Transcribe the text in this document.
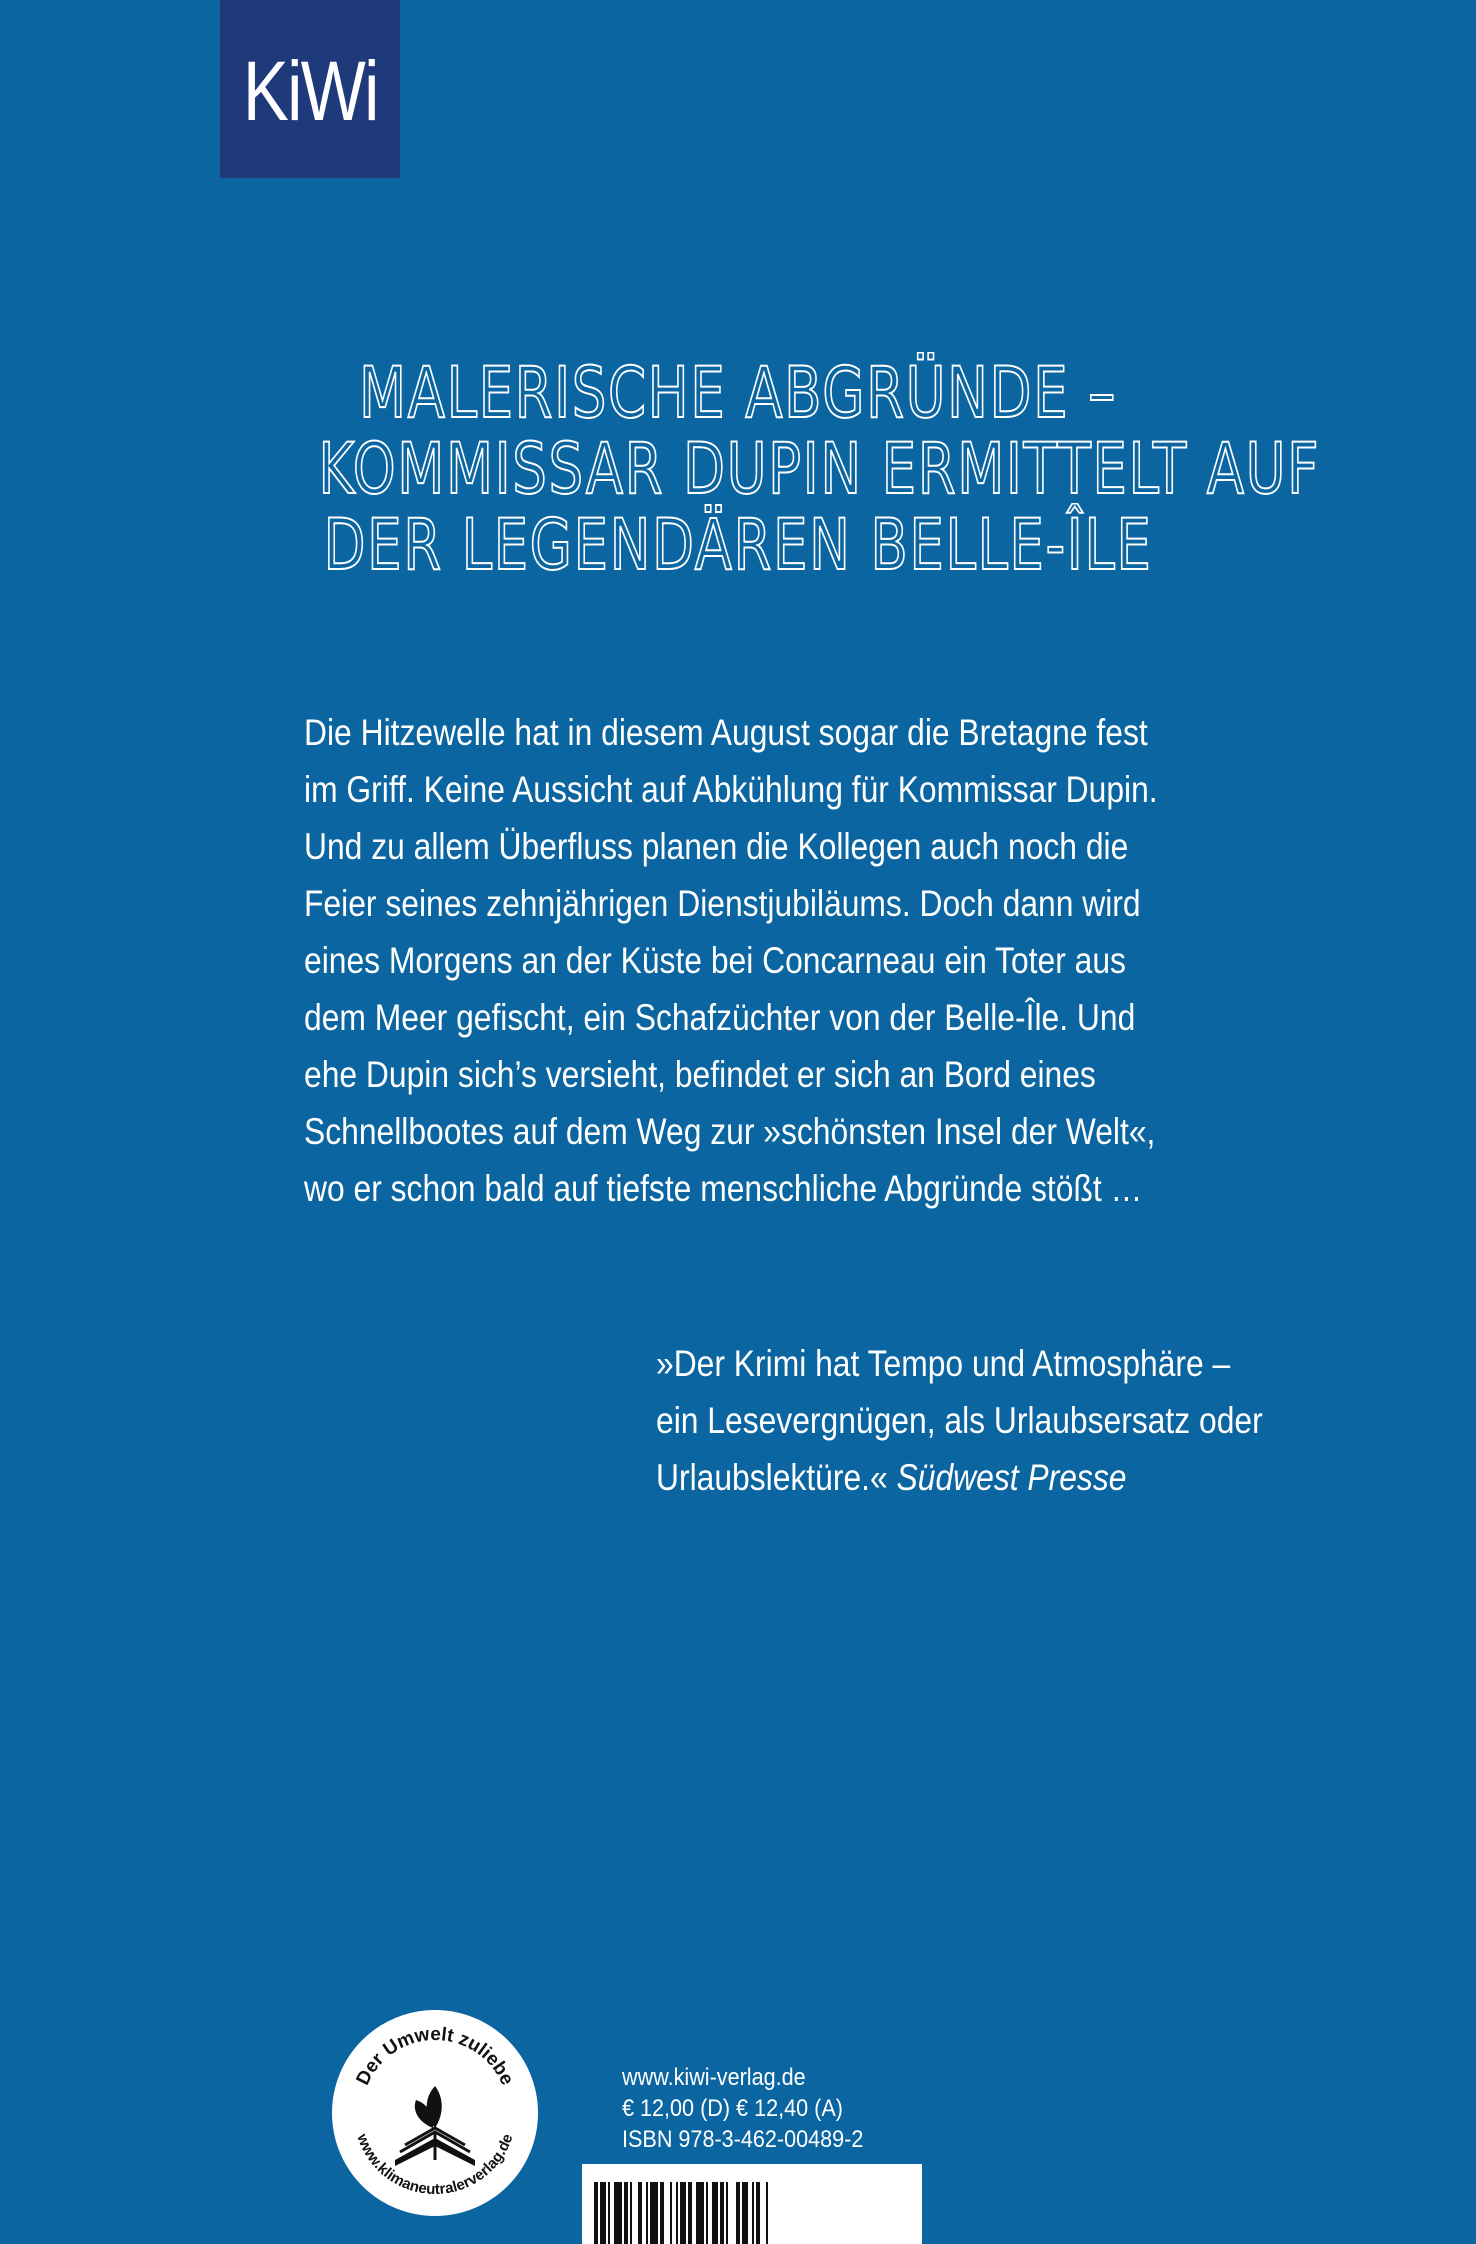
KiWi
MALERISCHE ABGRÜNDE –
KOMMISSAR DUPIN ERMITTELT AUF
DER LEGENDÄREN BELLE-ÎLE
Die Hitzewelle hat in diesem August sogar die Bretagne fest
im Griff. Keine Aussicht auf Abkühlung für Kommissar Dupin.
Und zu allem Überfluss planen die Kollegen auch noch die
Feier seines zehnjährigen Dienstjubiläums. Doch dann wird
eines Morgens an der Küste bei Concarneau ein Toter aus
dem Meer gefischt, ein Schafzüchter von der Belle-Île. Und
ehe Dupin sich’s versieht, befindet er sich an Bord eines
Schnellbootes auf dem Weg zur »schönsten Insel der Welt«,
wo er schon bald auf tiefste menschliche Abgründe stößt …
»Der Krimi hat Tempo und Atmosphäre –
ein Lesevergnügen, als Urlaubsersatz oder
Urlaubslektüre.« Südwest Presse
Der Umwelt zuliebe
www.klimaneutralerverlag.de
www.kiwi-verlag.de
€ 12,00 (D) € 12,40 (A)
ISBN 978-3-462-00489-2
